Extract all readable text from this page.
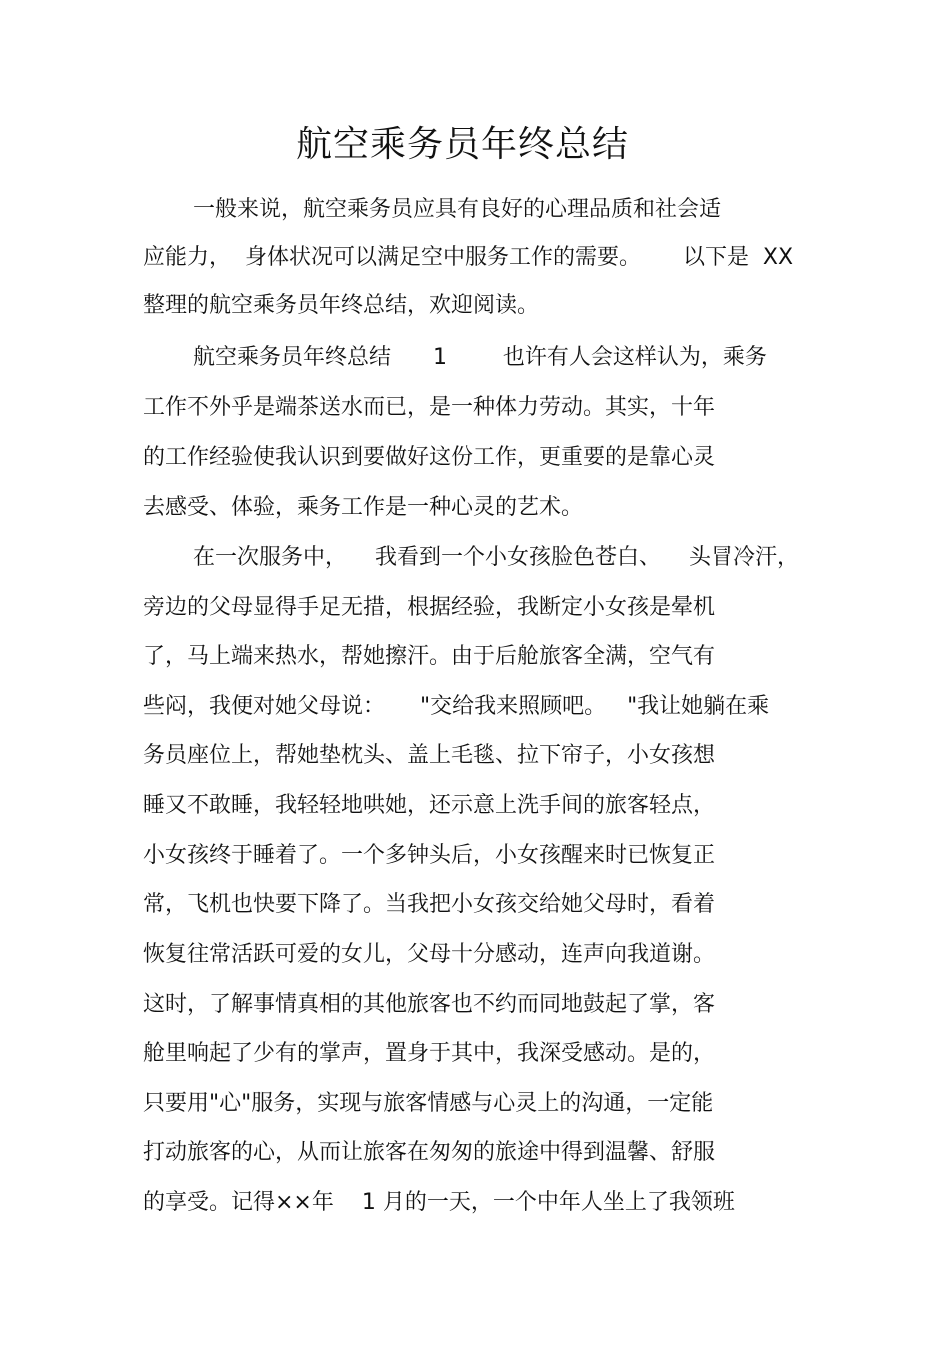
航空乘务员年终总结
一般来说，航空乘务员应具有良好的心理品质和社会适
应能力，  身体状况可以满足空中服务工作的需要。      以下是  XX
整理的航空乘务员年终总结，欢迎阅读。
航空乘务员年终总结      1        也许有人会这样认为，乘务
工作不外乎是端茶送水而已，是一种体力劳动。其实，十年
的工作经验使我认识到要做好这份工作，更重要的是靠心灵
去感受、体验，乘务工作是一种心灵的艺术。
在一次服务中，    我看到一个小女孩脸色苍白、    头冒冷汗，
旁边的父母显得手足无措，根据经验，我断定小女孩是晕机
了，马上端来热水，帮她擦汗。由于后舱旅客全满，空气有
些闷，我便对她父母说：     "交给我来照顾吧。   "我让她躺在乘
务员座位上，帮她垫枕头、盖上毛毯、拉下帘子，小女孩想
睡又不敢睡，我轻轻地哄她，还示意上洗手间的旅客轻点，
小女孩终于睡着了。一个多钟头后，小女孩醒来时已恢复正
常，飞机也快要下降了。当我把小女孩交给她父母时，看着
恢复往常活跃可爱的女儿，父母十分感动，连声向我道谢。
这时，了解事情真相的其他旅客也不约而同地鼓起了掌，客
舱里响起了少有的掌声，置身于其中，我深受感动。是的，
只要用"心"服务，实现与旅客情感与心灵上的沟通，一定能
打动旅客的心，从而让旅客在匆匆的旅途中得到温馨、舒服
的享受。记得××年    1 月的一天，一个中年人坐上了我领班
